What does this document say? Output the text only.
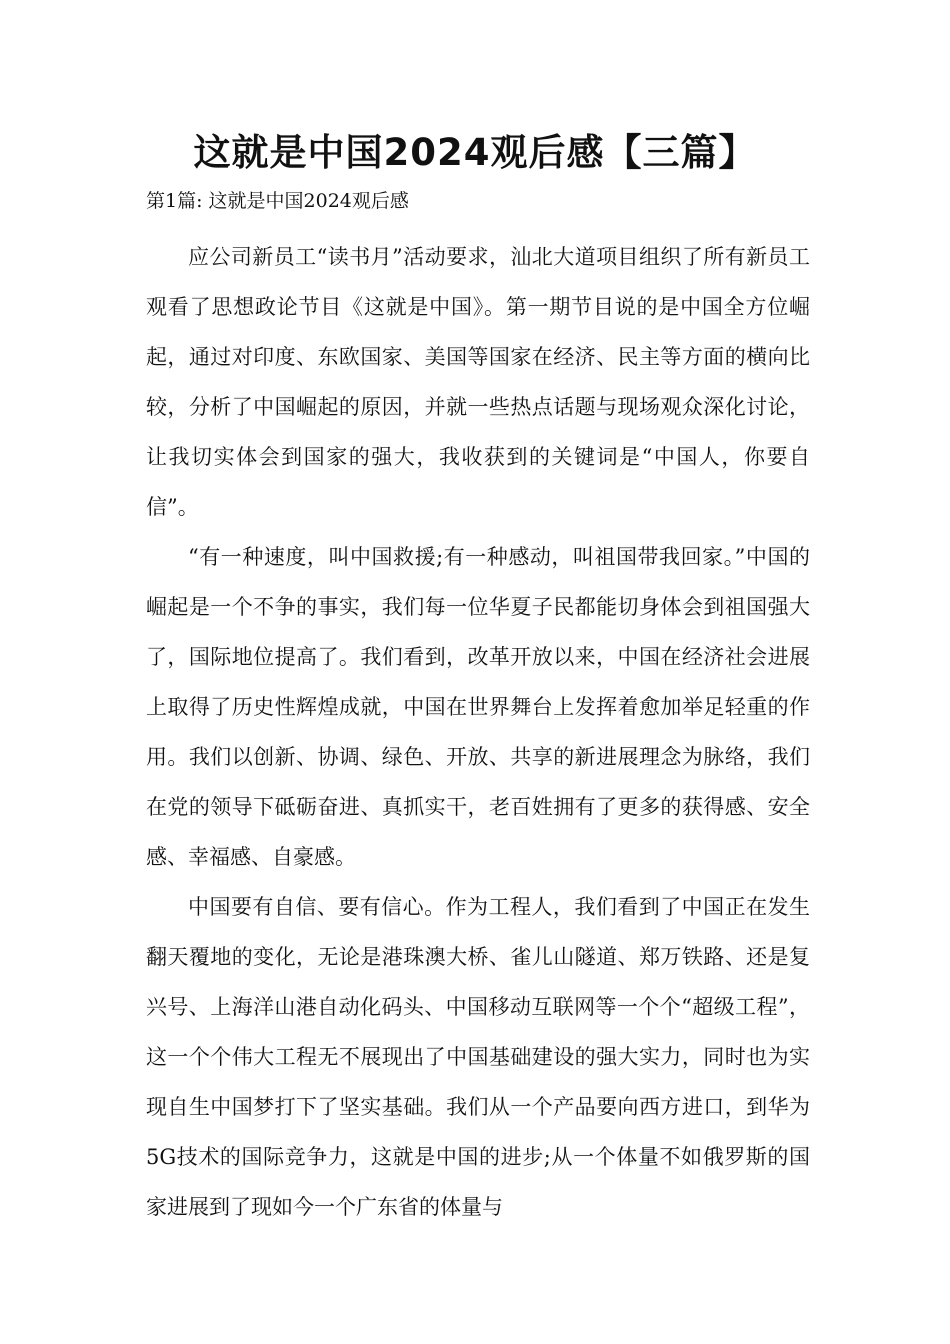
这就是中国2024观后感【三篇】

第1篇: 这就是中国2024观后感

应公司新员工“读书月”活动要求，汕北大道项目组织了所有新员工观看了思想政论节目《这就是中国》。第一期节目说的是中国全方位崛起，通过对印度、东欧国家、美国等国家在经济、民主等方面的横向比较，分析了中国崛起的原因，并就一些热点话题与现场观众深化讨论，让我切实体会到国家的强大，我收获到的关键词是“中国人，你要自信”。

“有一种速度，叫中国救援;有一种感动，叫祖国带我回家。”中国的崛起是一个不争的事实，我们每一位华夏子民都能切身体会到祖国强大了，国际地位提高了。我们看到，改革开放以来，中国在经济社会进展上取得了历史性辉煌成就，中国在世界舞台上发挥着愈加举足轻重的作用。我们以创新、协调、绿色、开放、共享的新进展理念为脉络，我们在党的领导下砥砺奋进、真抓实干，老百姓拥有了更多的获得感、安全感、幸福感、自豪感。

中国要有自信、要有信心。作为工程人，我们看到了中国正在发生翻天覆地的变化，无论是港珠澳大桥、雀儿山隧道、郑万铁路、还是复兴号、上海洋山港自动化码头、中国移动互联网等一个个“超级工程”，这一个个伟大工程无不展现出了中国基础建设的强大实力，同时也为实现自生中国梦打下了坚实基础。我们从一个产品要向西方进口，到华为5G技术的国际竞争力，这就是中国的进步;从一个体量不如俄罗斯的国家进展到了现如今一个广东省的体量与
